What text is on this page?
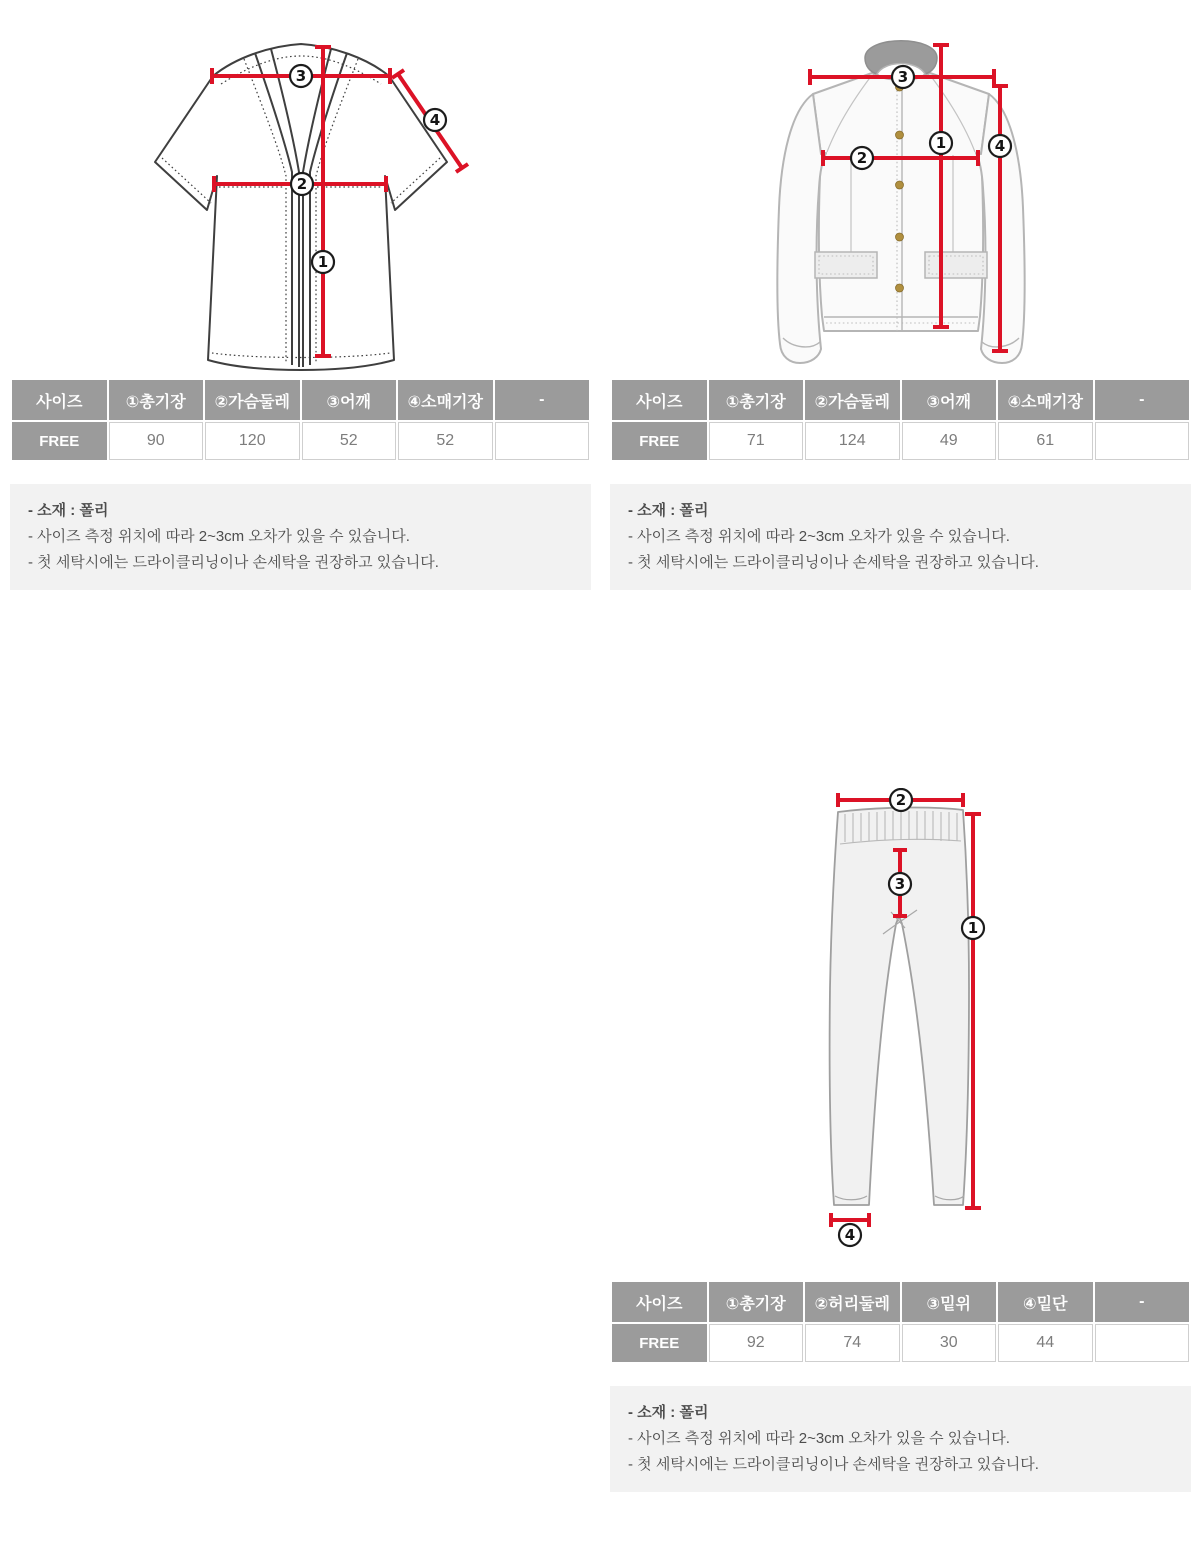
3
2
1
4
3
1
2
4
사이즈	①총기장	②가슴둘레	③어깨	④소매기장	-
FREE	90	120	52	52	
사이즈	①총기장	②가슴둘레	③어깨	④소매기장	-
FREE	71	124	49	61	
- 소재 : 폴리
- 사이즈 측정 위치에 따라 2~3cm 오차가 있을 수 있습니다.
- 첫 세탁시에는 드라이클리닝이나 손세탁을 권장하고 있습니다.
- 소재 : 폴리
- 사이즈 측정 위치에 따라 2~3cm 오차가 있을 수 있습니다.
- 첫 세탁시에는 드라이클리닝이나 손세탁을 권장하고 있습니다.
2
3
1
4
사이즈	①총기장	②허리둘레	③밑위	④밑단	-
FREE	92	74	30	44	
- 소재 : 폴리
- 사이즈 측정 위치에 따라 2~3cm 오차가 있을 수 있습니다.
- 첫 세탁시에는 드라이클리닝이나 손세탁을 권장하고 있습니다.
